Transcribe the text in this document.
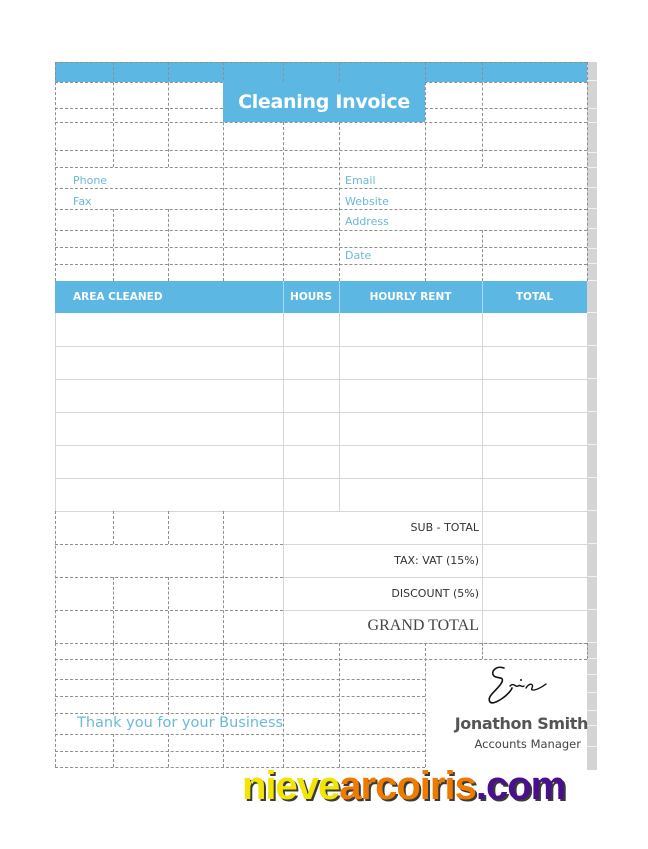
Cleaning Invoice
Phone
Fax
Email
Website
Address
Date
AREA CLEANED	HOURS	HOURLY RENT	TOTAL
SUB - TOTAL
TAX: VAT (15%)
DISCOUNT (5%)
GRAND TOTAL
Jonathon Smith
Accounts Manager
Thank you for your Business
nievearcoiris.com
